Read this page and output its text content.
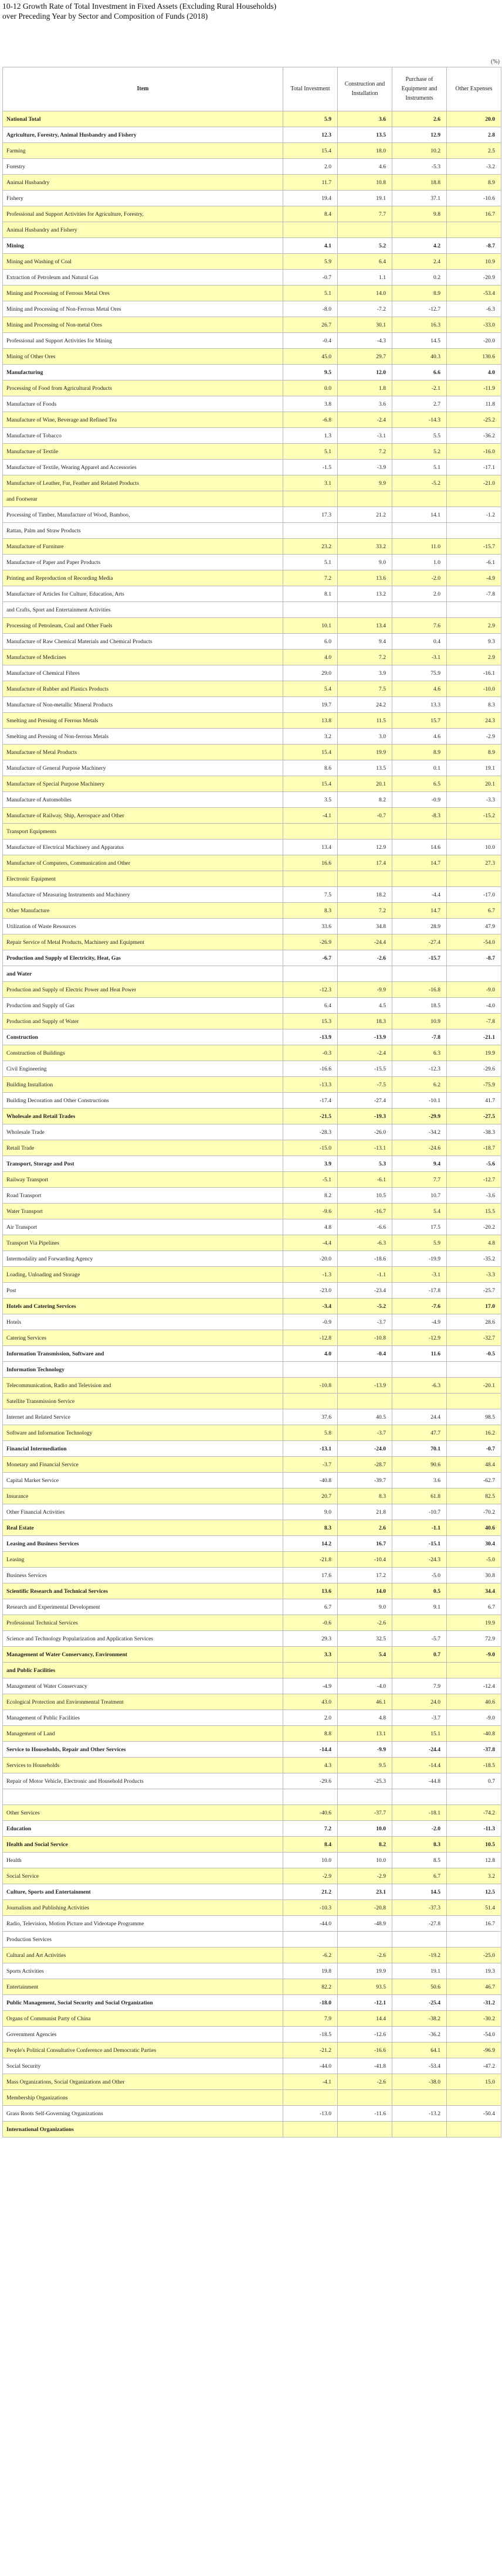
10-12 Growth Rate of Total Investment in Fixed Assets (Excluding Rural Households)
over Preceding Year by Sector and Composition of Funds (2018)
(%)
Item	Total Investment	Construction and Installation	Purchase of Equipment and Instruments	Other Expenses
National Total	5.9	3.6	2.6	20.0
Agriculture, Forestry, Animal Husbandry and Fishery	12.3	13.5	12.9	2.8
Farming	15.4	18.0	10.2	2.5
Forestry	2.0	4.6	-5.3	-3.2
Animal Husbandry	11.7	10.8	18.8	8.9
Fishery	19.4	19.1	37.1	-10.6
Professional and Support Activities for Agriculture, Forestry,	8.4	7.7	9.8	16.7
Animal Husbandry and Fishery				
Mining	4.1	5.2	4.2	-8.7
Mining and Washing of Coal	5.9	6.4	2.4	10.9
Extraction of Petroleum and Natural Gas	-0.7	1.1	0.2	-20.9
Mining and Processing of Ferrous Metal Ores	5.1	14.0	8.9	-53.4
Mining and Processing of Non-Ferrous Metal Ores	-8.0	-7.2	-12.7	-6.3
Mining and Processing of Non-metal Ores	26.7	30.1	16.3	-33.0
Professional and Support Activities for Mining	-0.4	-4.3	14.5	-20.0
Mining of Other Ores	45.0	29.7	40.3	130.6
Manufacturing	9.5	12.0	6.6	4.0
Processing of Food from Agricultural Products	0.0	1.8	-2.1	-11.9
Manufacture of Foods	3.8	3.6	2.7	11.8
Manufacture of Wine, Beverage and Refined Tea	-6.8	-2.4	-14.3	-25.2
Manufacture of Tobacco	1.3	-3.1	5.5	-36.2
Manufacture of Textile	5.1	7.2	5.2	-16.0
Manufacture of Textile, Wearing Apparel and Accessories	-1.5	-3.9	5.1	-17.1
Manufacture of Leather, Fur, Feather and Related Products	3.1	9.9	-5.2	-21.0
and Footwear				
Processing of Timber, Manufacture of Wood, Bamboo,	17.3	21.2	14.1	-1.2
Rattan, Palm and Straw Products				
Manufacture of Furniture	23.2	33.2	11.0	-15.7
Manufacture of Paper and Paper Products	5.1	9.0	1.0	-6.1
Printing and Reproduction of Recording Media	7.2	13.6	-2.0	-4.9
Manufacture of Articles for Culture, Education, Arts	8.1	13.2	2.0	-7.8
and Crafts, Sport and Entertainment Activities				
Processing of Petroleum, Coal and Other Fuels	10.1	13.4	7.6	2.9
Manufacture of Raw Chemical Materials and Chemical Products	6.0	9.4	0.4	9.3
Manufacture of Medicines	4.0	7.2	-3.1	2.9
Manufacture of Chemical Fibres	29.0	3.9	75.9	-16.1
Manufacture of Rubber and Plastics Products	5.4	7.5	4.6	-10.0
Manufacture of Non-metallic Mineral Products	19.7	24.2	13.3	8.3
Smelting and Pressing of Ferrous Metals	13.8	11.5	15.7	24.3
Smelting and Pressing of Non-ferrous Metals	3.2	3.0	4.6	-2.9
Manufacture of Metal Products	15.4	19.9	8.9	8.9
Manufacture of General Purpose Machinery	8.6	13.5	0.1	19.1
Manufacture of Special Purpose Machinery	15.4	20.1	6.5	20.1
Manufacture of Automobiles	3.5	8.2	-0.9	-3.3
Manufacture of Railway, Ship, Aerospace and Other	-4.1	-0.7	-8.3	-15.2
Transport Equipments				
Manufacture of Electrical Machinery and Apparatus	13.4	12.9	14.6	10.0
Manufacture of Computers, Communication and Other	16.6	17.4	14.7	27.3
Electronic Equipment				
Manufacture of Measuring Instruments and Machinery	7.5	18.2	-4.4	-17.0
Other Manufacture	8.3	7.2	14.7	6.7
Utilization of Waste Resources	33.6	34.8	28.9	47.9
Repair Service of Metal Products, Machinery and Equipment	-26.9	-24.4	-27.4	-54.0
Production and Supply of Electricity, Heat, Gas	-6.7	-2.6	-15.7	-8.7
and Water				
Production and Supply of Electric Power and Heat Power	-12.3	-9.9	-16.8	-9.0
Production and Supply of Gas	6.4	4.5	18.5	-4.0
Production and Supply of Water	15.3	18.3	10.9	-7.8
Construction	-13.9	-13.9	-7.8	-21.1
Construction of Buildings	-0.3	-2.4	6.3	19.9
Civil Engineering	-16.6	-15.5	-12.3	-29.6
Building Installation	-13.3	-7.5	6.2	-75.9
Building Decoration and Other Constructions	-17.4	-27.4	-10.1	41.7
Wholesale and Retail Trades	-21.5	-19.3	-29.9	-27.5
Wholesale Trade	-28.3	-26.0	-34.2	-38.3
Retail Trade	-15.0	-13.1	-24.6	-18.7
Transport, Storage and Post	3.9	5.3	9.4	-5.6
Railway Transport	-5.1	-6.1	7.7	-12.7
Road Transport	8.2	10.5	10.7	-3.6
Water Transport	-9.6	-16.7	5.4	15.5
Air Transport	4.8	-6.6	17.5	-20.2
Transport Via Pipelines	-4.4	-6.3	5.9	4.8
Intermodality and Forwarding Agency	-20.0	-18.6	-19.9	-35.2
Loading, Unloading and Storage	-1.3	-1.1	-3.1	-3.3
Post	-23.0	-23.4	-17.8	-25.7
Hotels and Catering Services	-3.4	-5.2	-7.6	17.0
Hotels	-0.9	-3.7	-4.9	28.6
Catering Services	-12.8	-10.8	-12.9	-32.7
Information Transmission, Software and	4.0	-0.4	11.6	-0.5
Information Technology				
Telecommunication, Radio and Television and	-10.8	-13.9	-6.3	-20.1
Satellite Transmission Service				
Internet and Related Service	37.6	40.5	24.4	98.5
Software and Information Technology	5.8	-3.7	47.7	16.2
Financial Intermediation	-13.1	-24.0	70.1	-0.7
Monetary and Financial Service	-3.7	-28.7	90.6	48.4
Capital Market Service	-40.8	-39.7	3.6	-62.7
Insurance	20.7	8.3	61.8	82.5
Other Financial Activities	9.0	21.8	-10.7	-70.2
Real Estate	8.3	2.6	-1.1	40.6
Leasing and Business Services	14.2	16.7	-15.1	30.4
Leasing	-21.8	-10.4	-24.3	-5.0
Business Services	17.6	17.2	-5.0	30.8
Scientific Research and Technical Services	13.6	14.0	0.5	34.4
Research and Experimental Development	6.7	9.0	9.1	6.7
Professional Technical Services	-0.6	-2.6		19.9
Science and Technology Popularization and Application Services	29.3	32.5	-5.7	72.9
Management of Water Conservancy, Environment	3.3	5.4	0.7	-9.0
and Public Facilities				
Management of Water Conservancy	-4.9	-4.0	7.9	-12.4
Ecological Protection and Environmental Treatment	43.0	46.1	24.0	40.6
Management of Public Facilities	2.0	4.8	-3.7	-9.0
Management of Land	8.8	13.1	15.1	-40.8
Service to Households, Repair and Other Services	-14.4	-9.9	-24.4	-37.8
Services to Households	4.3	9.5	-14.4	-18.5
Repair of Motor Vehicle, Electronic and Household Products	-29.6	-25.3	-44.8	0.7

Other Services	-40.6	-37.7	-18.1	-74.2
Education	7.2	10.0	-2.0	-11.3
Health and Social Service	8.4	8.2	8.3	10.5
Health	10.0	10.0	8.5	12.8
Social Service	-2.9	-2.9	6.7	3.2
Culture, Sports and Entertainment	21.2	23.1	14.5	12.5
Journalism and Publishing Activities	-10.3	-20.8	-37.3	51.4
Radio, Television, Motion Picture and Videotape Programme	-44.0	-48.9	-27.8	16.7
Production Services				
Cultural and Art Activities	-6.2	-2.6	-19.2	-25.0
Sports Activities	19.8	19.9	19.1	19.3
Entertainment	82.2	93.5	50.6	46.7
Public Management, Social Security and Social Organization	-18.0	-12.1	-25.4	-31.2
Organs of Communist Party of China	7.9	14.4	-38.2	-30.2
Government Agencies	-18.5	-12.6	-36.2	-54.0
People's Political Consultative Conference and Democratic Parties	-21.2	-16.6	64.1	-96.9
Social Security	-44.0	-41.8	-53.4	-47.2
Mass Organizations, Social Organizations and Other	-4.1	-2.6	-38.0	15.0
Membership Organizations				
Grass Roots Self-Governing Organizations	-13.0	-11.6	-13.2	-50.4
International Organizations				
